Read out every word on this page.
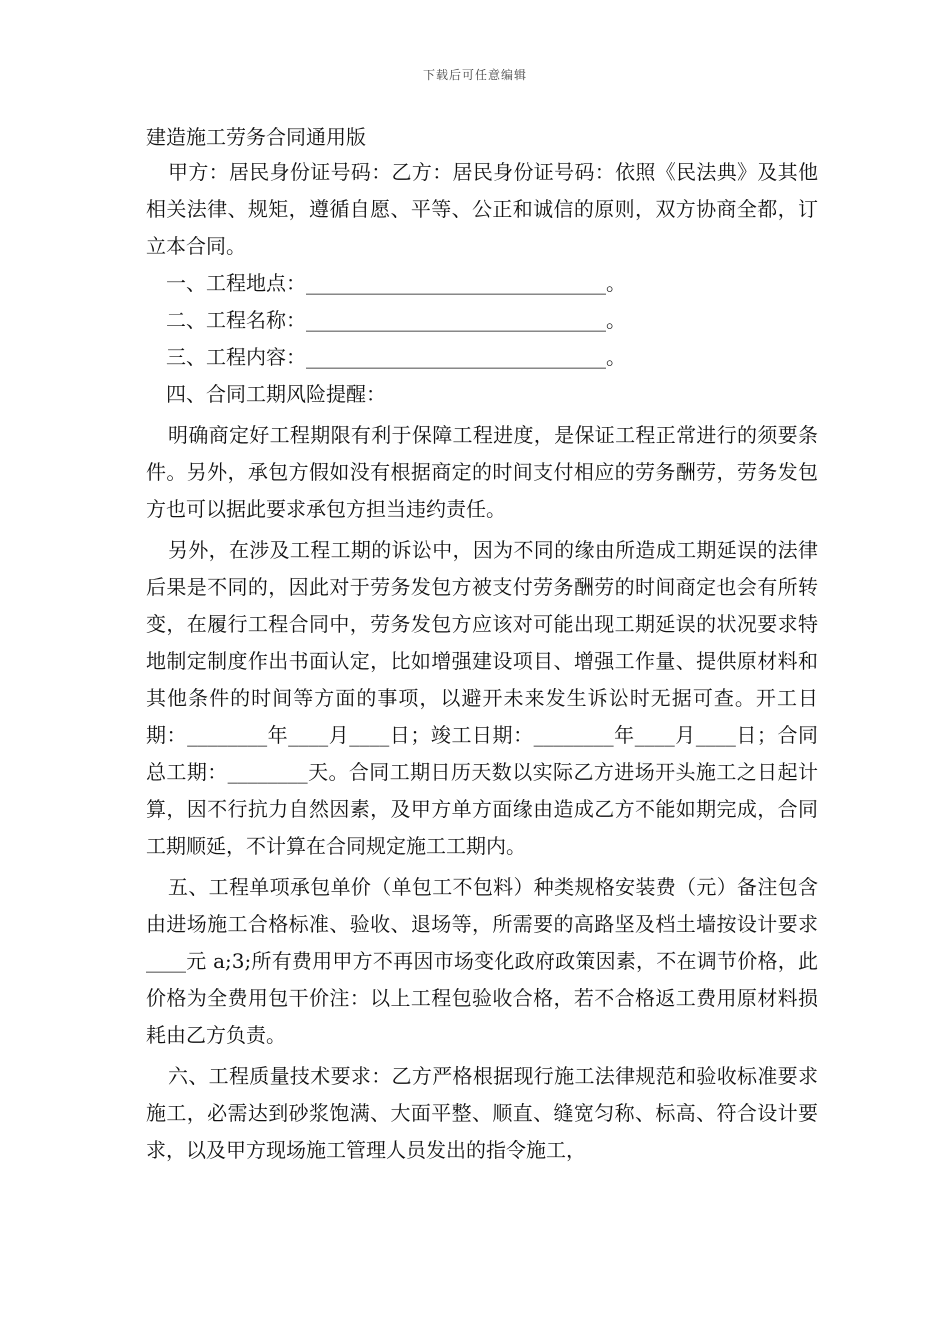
下载后可任意编辑
建造施工劳务合同通用版
甲方：居民身份证号码：乙方：居民身份证号码：依照《民法典》及其他相关法律、规矩，遵循自愿、平等、公正和诚信的原则，双方协商全都，订立本合同。
一、工程地点：______________________________。
二、工程名称：______________________________。
三、工程内容：______________________________。
四、合同工期风险提醒：
明确商定好工程期限有利于保障工程进度，是保证工程正常进行的须要条件。另外，承包方假如没有根据商定的时间支付相应的劳务酬劳，劳务发包方也可以据此要求承包方担当违约责任。
另外，在涉及工程工期的诉讼中，因为不同的缘由所造成工期延误的法律后果是不同的，因此对于劳务发包方被支付劳务酬劳的时间商定也会有所转变，在履行工程合同中，劳务发包方应该对可能出现工期延误的状况要求特地制定制度作出书面认定，比如增强建设项目、增强工作量、提供原材料和其他条件的时间等方面的事项，以避开未来发生诉讼时无据可查。开工日期：________年____月____日；竣工日期：________年____月____日；合同总工期：________天。合同工期日历天数以实际乙方进场开头施工之日起计算，因不行抗力自然因素，及甲方单方面缘由造成乙方不能如期完成，合同工期顺延，不计算在合同规定施工工期内。
五、工程单项承包单价（单包工不包料）种类规格安装费（元）备注包含由进场施工合格标准、验收、退场等，所需要的高路坚及档土墙按设计要求____元 a;3;所有费用甲方不再因市场变化政府政策因素，不在调节价格，此价格为全费用包干价注：以上工程包验收合格，若不合格返工费用原材料损耗由乙方负责。
六、工程质量技术要求：乙方严格根据现行施工法律规范和验收标准要求施工，必需达到砂浆饱满、大面平整、顺直、缝宽匀称、标高、符合设计要求，以及甲方现场施工管理人员发出的指令施工，
